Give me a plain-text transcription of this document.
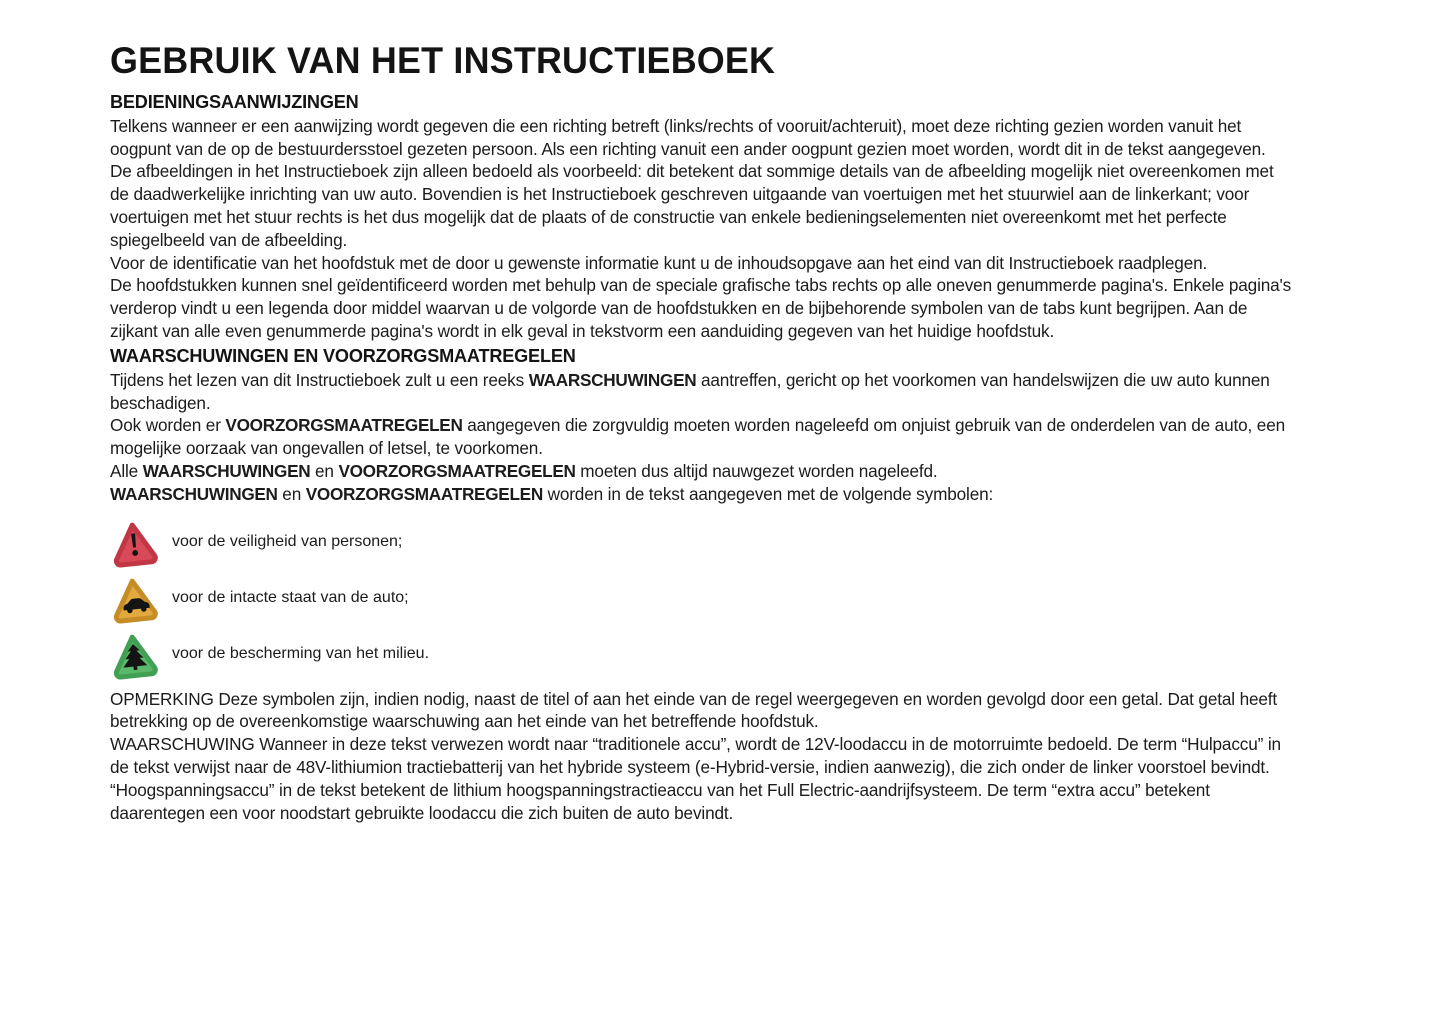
GEBRUIK VAN HET INSTRUCTIEBOEK
BEDIENINGSAANWIJZINGEN

Telkens wanneer er een aanwijzing wordt gegeven die een richting betreft (links/rechts of vooruit/achteruit), moet deze richting gezien worden vanuit het oogpunt van de op de bestuurdersstoel gezeten persoon. Als een richting vanuit een ander oogpunt gezien moet worden, wordt dit in de tekst aangegeven.

De afbeeldingen in het Instructieboek zijn alleen bedoeld als voorbeeld: dit betekent dat sommige details van de afbeelding mogelijk niet overeenkomen met de daadwerkelijke inrichting van uw auto. Bovendien is het Instructieboek geschreven uitgaande van voertuigen met het stuurwiel aan de linkerkant; voor voertuigen met het stuur rechts is het dus mogelijk dat de plaats of de constructie van enkele bedieningselementen niet overeenkomt met het perfecte spiegelbeeld van de afbeelding.

Voor de identificatie van het hoofdstuk met de door u gewenste informatie kunt u de inhoudsopgave aan het eind van dit Instructieboek raadplegen.

De hoofdstukken kunnen snel geïdentificeerd worden met behulp van de speciale grafische tabs rechts op alle oneven genummerde pagina's. Enkele pagina's verderop vindt u een legenda door middel waarvan u de volgorde van de hoofdstukken en de bijbehorende symbolen van de tabs kunt begrijpen. Aan de zijkant van alle even genummerde pagina's wordt in elk geval in tekstvorm een aanduiding gegeven van het huidige hoofdstuk.

WAARSCHUWINGEN EN VOORZORGSMAATREGELEN

Tijdens het lezen van dit Instructieboek zult u een reeks WAARSCHUWINGEN aantreffen, gericht op het voorkomen van handelswijzen die uw auto kunnen beschadigen.

Ook worden er VOORZORGSMAATREGELEN aangegeven die zorgvuldig moeten worden nageleefd om onjuist gebruik van de onderdelen van de auto, een mogelijke oorzaak van ongevallen of letsel, te voorkomen.

Alle WAARSCHUWINGEN en VOORZORGSMAATREGELEN moeten dus altijd nauwgezet worden nageleefd.

WAARSCHUWINGEN en VOORZORGSMAATREGELEN worden in de tekst aangegeven met de volgende symbolen:

voor de veiligheid van personen;
voor de intacte staat van de auto;
voor de bescherming van het milieu.

OPMERKING Deze symbolen zijn, indien nodig, naast de titel of aan het einde van de regel weergegeven en worden gevolgd door een getal. Dat getal heeft betrekking op de overeenkomstige waarschuwing aan het einde van het betreffende hoofdstuk.

WAARSCHUWING Wanneer in deze tekst verwezen wordt naar “traditionele accu”, wordt de 12V-loodaccu in de motorruimte bedoeld. De term “Hulpaccu” in de tekst verwijst naar de 48V-lithiumion tractiebatterij van het hybride systeem (e-Hybrid-versie, indien aanwezig), die zich onder de linker voorstoel bevindt. “Hoogspanningsaccu” in de tekst betekent de lithium hoogspanningstractieaccu van het Full Electric-aandrijfsysteem. De term “extra accu” betekent daarentegen een voor noodstart gebruikte loodaccu die zich buiten de auto bevindt.
